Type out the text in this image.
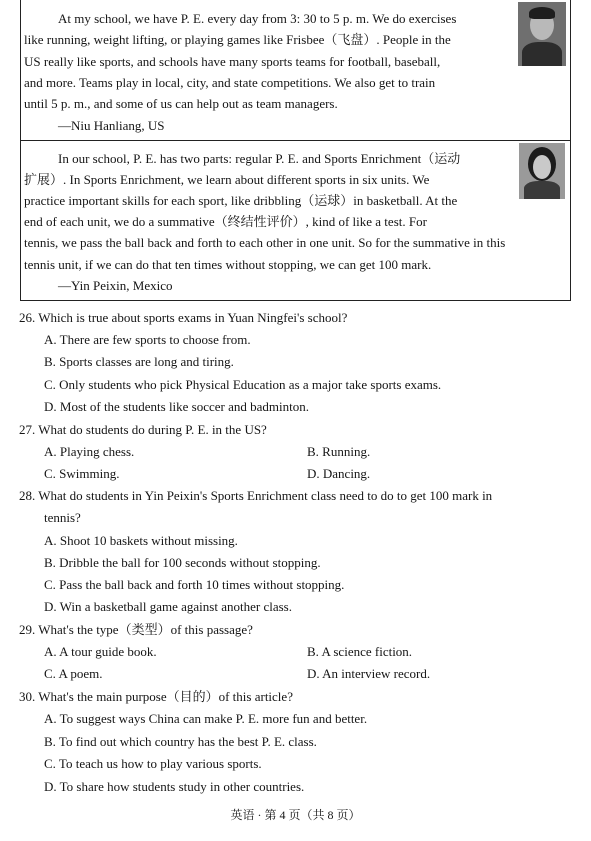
At my school, we have P. E. every day from 3: 30 to 5 p. m. We do exercises
like running, weight lifting, or playing games like Frisbee（飞盘）. People in the
US really like sports, and schools have many sports teams for football, baseball,
and more. Teams play in local, city, and state competitions. We also get to train
until 5 p. m., and some of us can help out as team managers.
—Niu Hanliang, US
In our school, P. E. has two parts: regular P. E. and Sports Enrichment（运动
扩展）. In Sports Enrichment, we learn about different sports in six units. We
practice important skills for each sport, like dribbling（运球）in basketball. At the
end of each unit, we do a summative（终结性评价）, kind of like a test. For
tennis, we pass the ball back and forth to each other in one unit. So for the summative in this
tennis unit, if we can do that ten times without stopping, we can get 100 mark.
—Yin Peixin, Mexico
26. Which is true about sports exams in Yuan Ningfei's school?
A. There are few sports to choose from.
B. Sports classes are long and tiring.
C. Only students who pick Physical Education as a major take sports exams.
D. Most of the students like soccer and badminton.
27. What do students do during P. E. in the US?
A. Playing chess.	B. Running.
C. Swimming.	D. Dancing.
28. What do students in Yin Peixin's Sports Enrichment class need to do to get 100 mark in
tennis?
A. Shoot 10 baskets without missing.
B. Dribble the ball for 100 seconds without stopping.
C. Pass the ball back and forth 10 times without stopping.
D. Win a basketball game against another class.
29. What's the type（类型）of this passage?
A. A tour guide book.	B. A science fiction.
C. A poem.	D. An interview record.
30. What's the main purpose（目的）of this article?
A. To suggest ways China can make P. E. more fun and better.
B. To find out which country has the best P. E. class.
C. To teach us how to play various sports.
D. To share how students study in other countries.
英语 · 第 4 页（共 8 页）
